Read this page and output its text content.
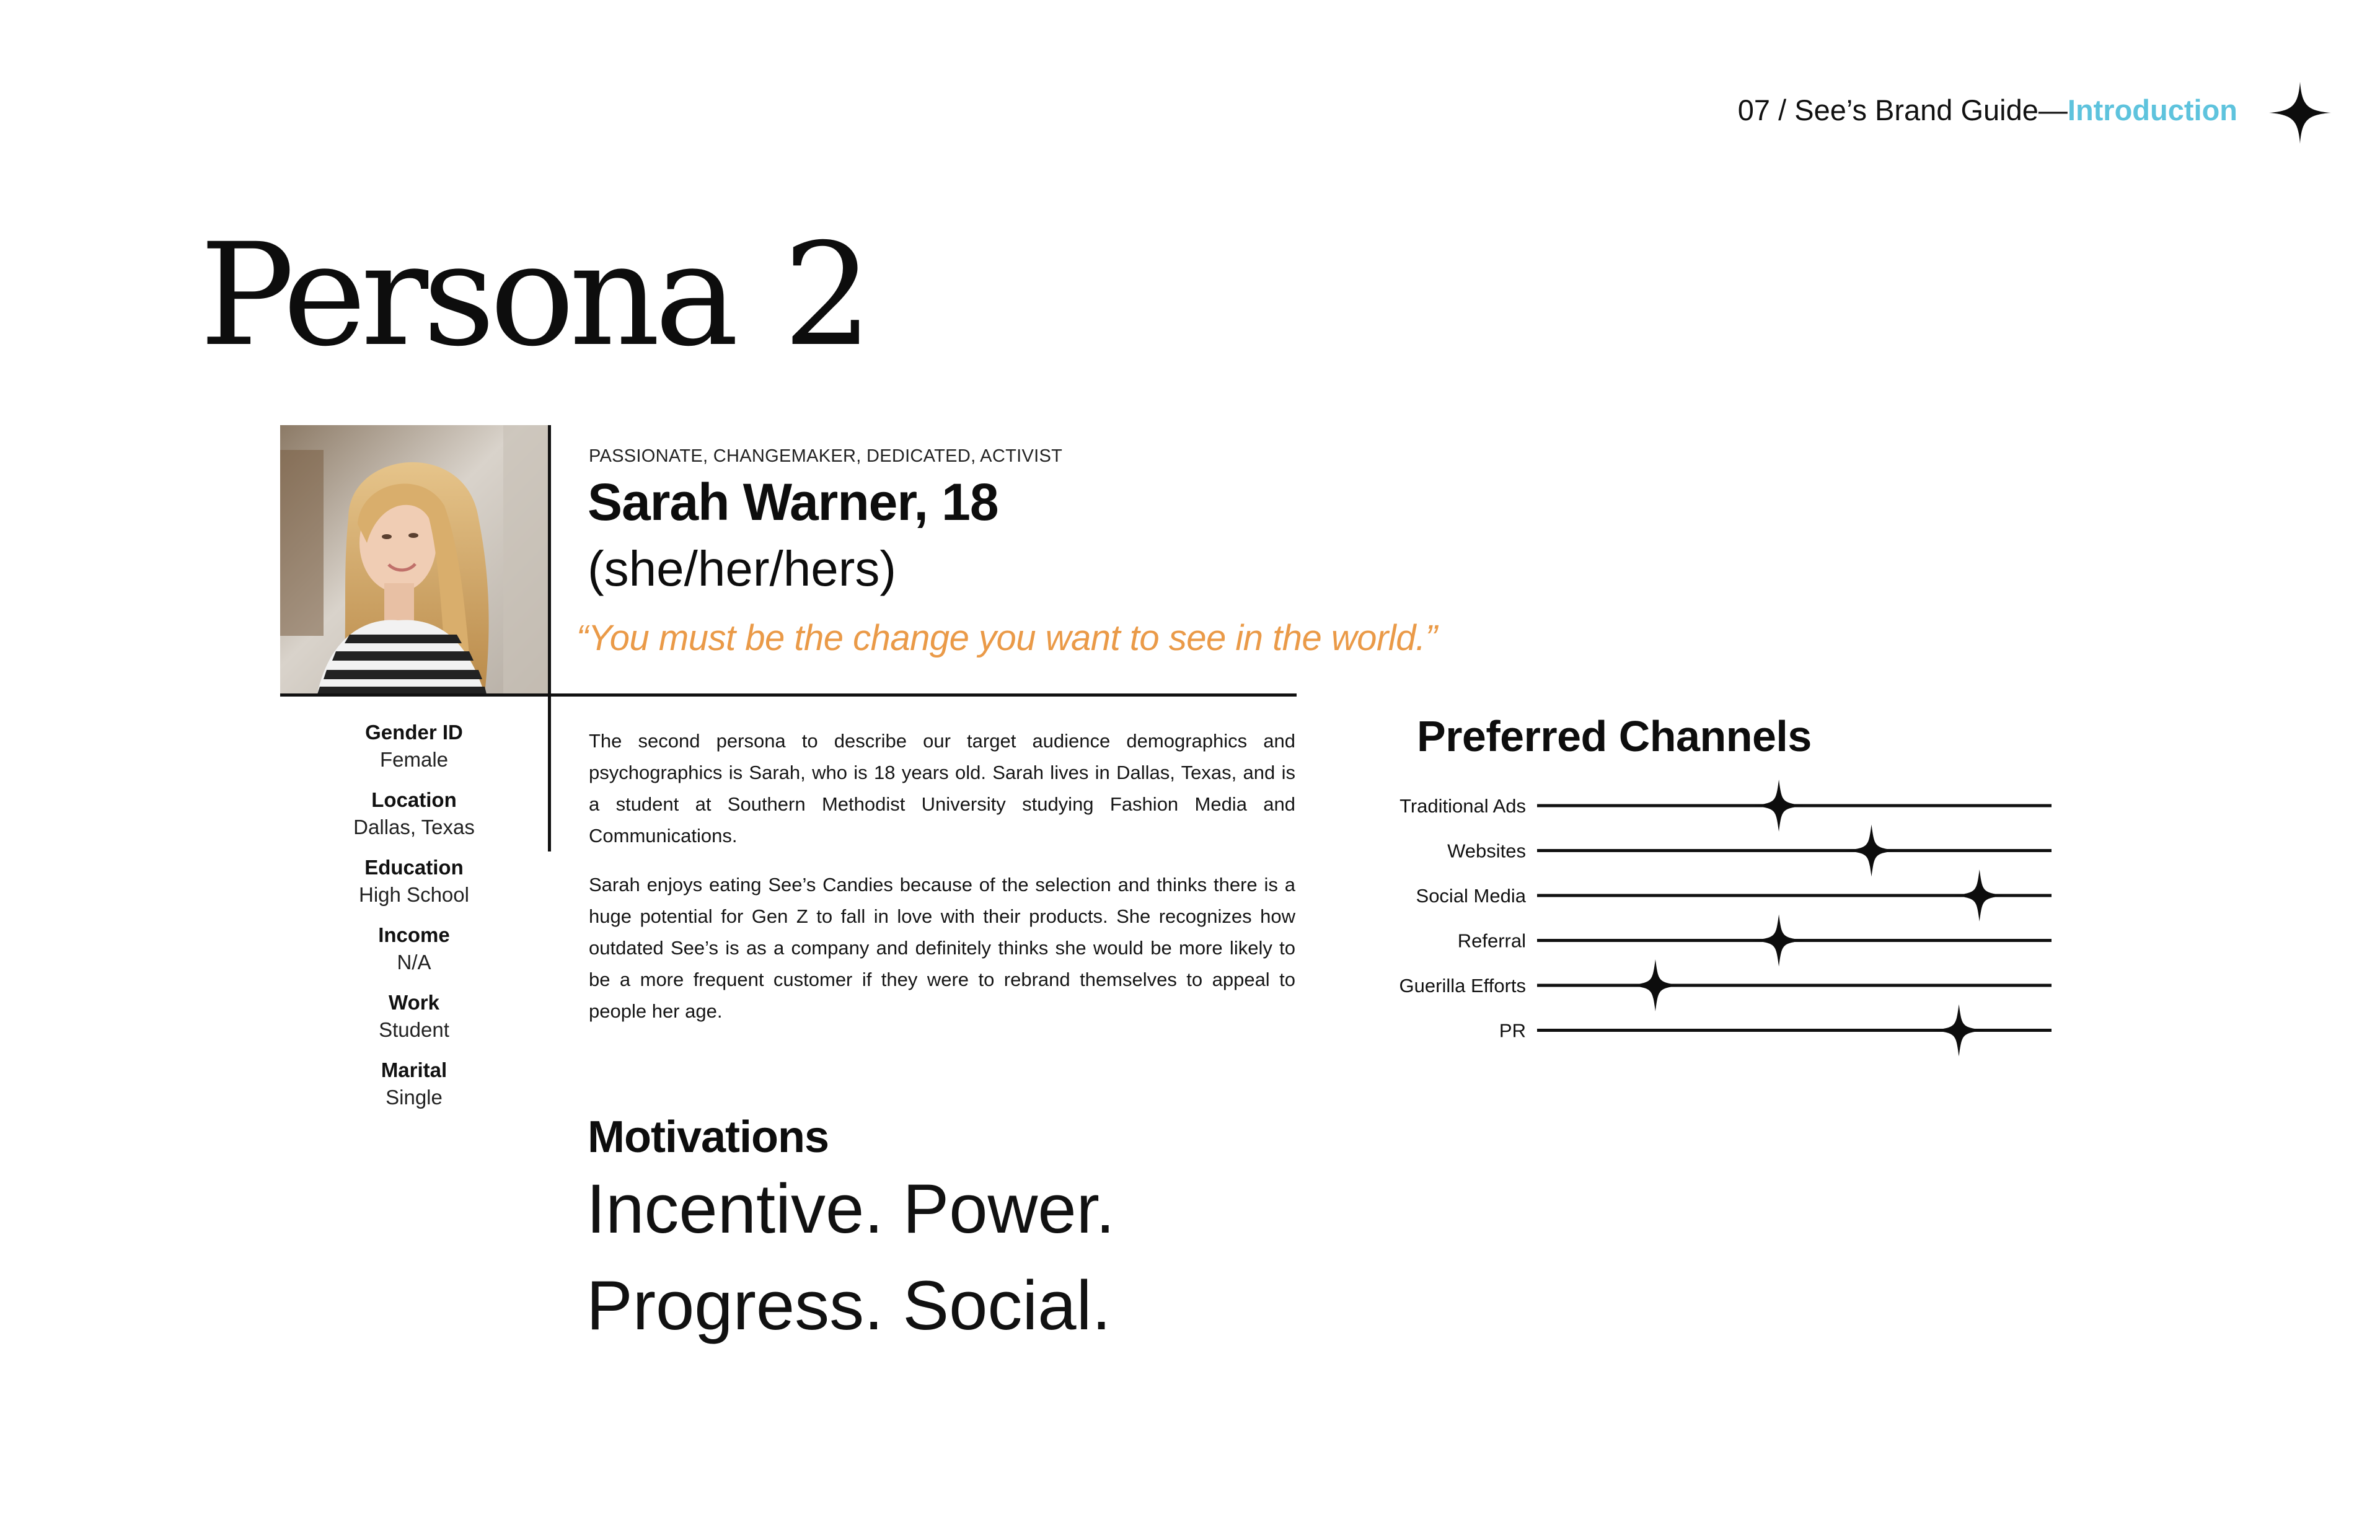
07 / See’s Brand Guide—Introduction
Persona 2
PASSIONATE, CHANGEMAKER, DEDICATED, ACTIVIST
Sarah Warner, 18
(she/her/hers)
“You must be the change you want to see in the world.”
Gender ID
Female
Location
Dallas, Texas
Education
High School
Income
N/A
Work
Student
Marital
Single

The second persona to describe our target audience demographics and psychographics is Sarah, who is 18 years old. Sarah lives in Dallas, Texas, and is a student at Southern Methodist University studying Fashion Media and Communications.

Sarah enjoys eating See’s Candies because of the selection and thinks there is a huge potential for Gen Z to fall in love with their products. She recognizes how outdated See’s is as a company and definitely thinks she would be more likely to be a more frequent customer if they were to rebrand themselves to appeal to people her age.

Motivations
Incentive. Power.
Progress. Social.
Preferred Channels
Traditional Ads
Websites
Social Media
Referral
Guerilla Efforts
PR
